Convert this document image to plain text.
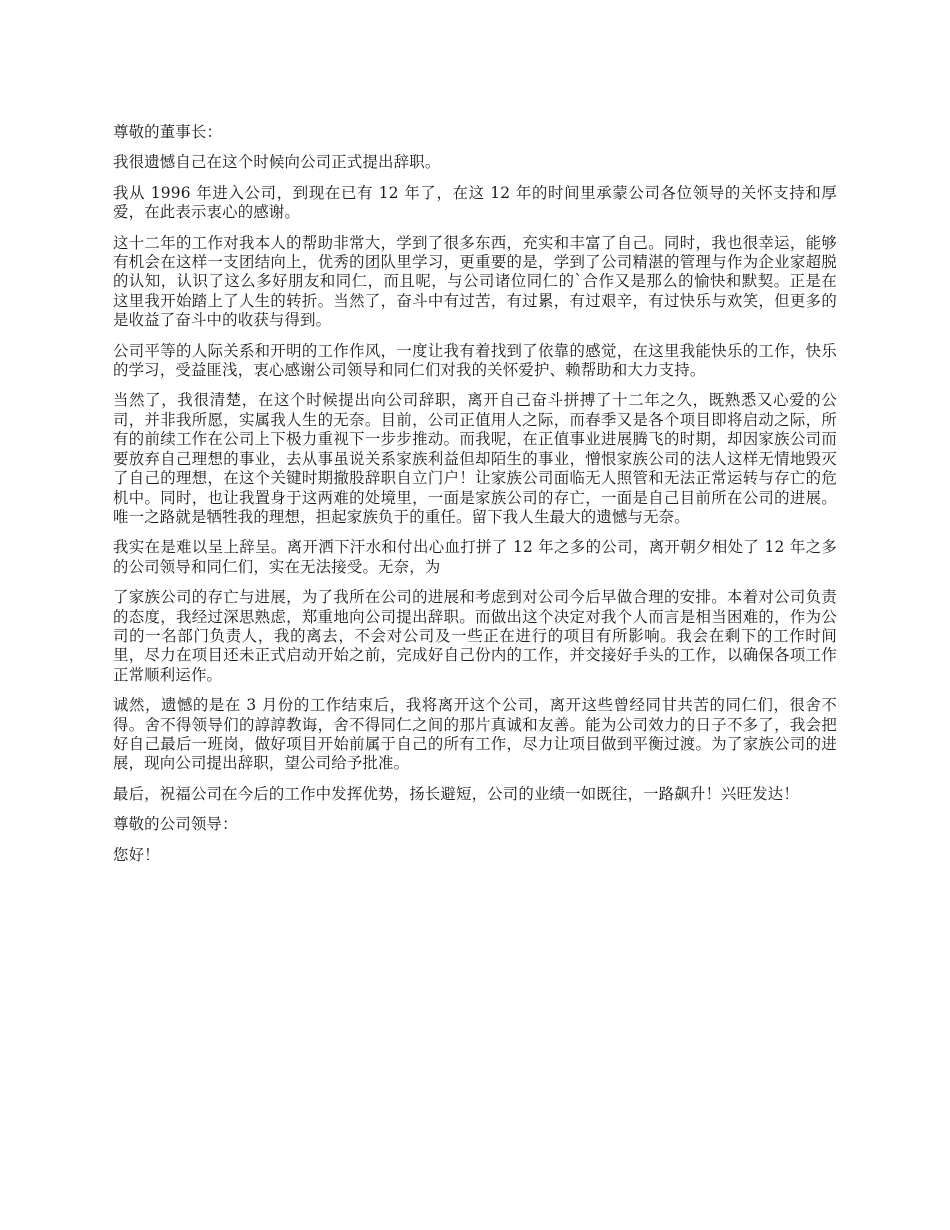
尊敬的董事长：

我很遗憾自己在这个时候向公司正式提出辞职。

我从 1996 年进入公司，到现在已有 12 年了，在这 12 年的时间里承蒙公司各位领导的关怀支持和厚爱，在此表示衷心的感谢。

这十二年的工作对我本人的帮助非常大，学到了很多东西，充实和丰富了自己。同时，我也很幸运，能够有机会在这样一支团结向上，优秀的团队里学习，更重要的是，学到了公司精湛的管理与作为企业家超脱的认知，认识了这么多好朋友和同仁，而且呢，与公司诸位同仁的`合作又是那么的愉快和默契。正是在这里我开始踏上了人生的转折。当然了，奋斗中有过苦，有过累，有过艰辛，有过快乐与欢笑，但更多的是收益了奋斗中的收获与得到。

公司平等的人际关系和开明的工作作风，一度让我有着找到了依靠的感觉，在这里我能快乐的工作，快乐的学习，受益匪浅，衷心感谢公司领导和同仁们对我的关怀爱护、赖帮助和大力支持。

当然了，我很清楚，在这个时候提出向公司辞职，离开自己奋斗拼搏了十二年之久，既熟悉又心爱的公司，并非我所愿，实属我人生的无奈。目前，公司正值用人之际，而春季又是各个项目即将启动之际，所有的前续工作在公司上下极力重视下一步步推动。而我呢，在正值事业进展腾飞的时期，却因家族公司而要放弃自己理想的事业，去从事虽说关系家族利益但却陌生的事业，憎恨家族公司的法人这样无情地毁灭了自己的理想，在这个关键时期撤股辞职自立门户！让家族公司面临无人照管和无法正常运转与存亡的危机中。同时，也让我置身于这两难的处境里，一面是家族公司的存亡，一面是自己目前所在公司的进展。唯一之路就是牺牲我的理想，担起家族负于的重任。留下我人生最大的遗憾与无奈。

我实在是难以呈上辞呈。离开洒下汗水和付出心血打拼了 12 年之多的公司，离开朝夕相处了 12 年之多的公司领导和同仁们，实在无法接受。无奈，为

了家族公司的存亡与进展，为了我所在公司的进展和考虑到对公司今后早做合理的安排。本着对公司负责的态度，我经过深思熟虑，郑重地向公司提出辞职。而做出这个决定对我个人而言是相当困难的，作为公司的一名部门负责人，我的离去，不会对公司及一些正在进行的项目有所影响。我会在剩下的工作时间里，尽力在项目还未正式启动开始之前，完成好自己份内的工作，并交接好手头的工作，以确保各项工作正常顺利运作。

诚然，遗憾的是在 3 月份的工作结束后，我将离开这个公司，离开这些曾经同甘共苦的同仁们，很舍不得。舍不得领导们的諄諄教诲，舍不得同仁之间的那片真诚和友善。能为公司效力的日子不多了，我会把好自己最后一班岗，做好项目开始前属于自己的所有工作，尽力让项目做到平衡过渡。为了家族公司的进展，现向公司提出辞职，望公司给予批准。

最后，祝福公司在今后的工作中发挥优势，扬长避短，公司的业绩一如既往，一路飙升！兴旺发达！

尊敬的公司领导：

您好！
